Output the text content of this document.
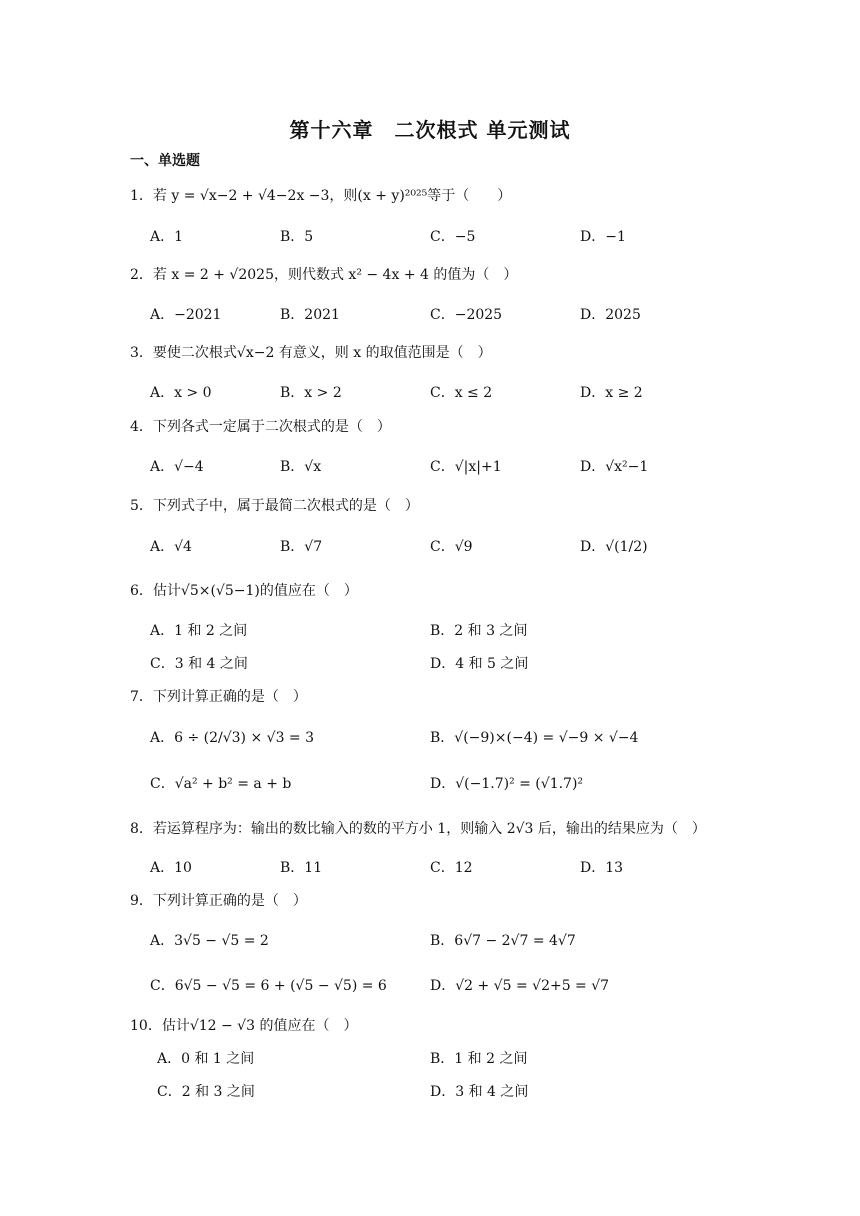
第十六章　二次根式 单元测试
一、单选题
1．若 y = √x−2 + √4−2x −3，则(x + y)²⁰²⁵等于（　　）
A．1	B．5	C．−5	D．−1
2．若 x = 2 + √2025，则代数式 x² − 4x + 4 的值为（　）
A．−2021	B．2021	C．−2025	D．2025
3．要使二次根式√x−2 有意义，则 x 的取值范围是（　）
A．x > 0	B．x > 2	C．x ≤ 2	D．x ≥ 2
4．下列各式一定属于二次根式的是（　）
A．√−4	B．√x	C．√|x|+1	D．√x²−1
5．下列式子中，属于最简二次根式的是（　）
A．√4	B．√7	C．√9	D．√(1/2)
6．估计√5×(√5−1)的值应在（　）
A．1 和 2 之间	B．2 和 3 之间
C．3 和 4 之间	D．4 和 5 之间
7．下列计算正确的是（　）
A．6 ÷ (2/√3) × √3 = 3	B．√(−9)×(−4) = √−9 × √−4
C．√a² + b² = a + b	D．√(−1.7)² = (√1.7)²
8．若运算程序为：输出的数比输入的数的平方小 1，则输入 2√3 后，输出的结果应为（　）
A．10	B．11	C．12	D．13
9．下列计算正确的是（　）
A．3√5 − √5 = 2	B．6√7 − 2√7 = 4√7
C．6√5 − √5 = 6 + (√5 − √5) = 6	D．√2 + √5 = √2+5 = √7
10．估计√12 − √3 的值应在（　）
A．0 和 1 之间	B．1 和 2 之间
C．2 和 3 之间	D．3 和 4 之间
